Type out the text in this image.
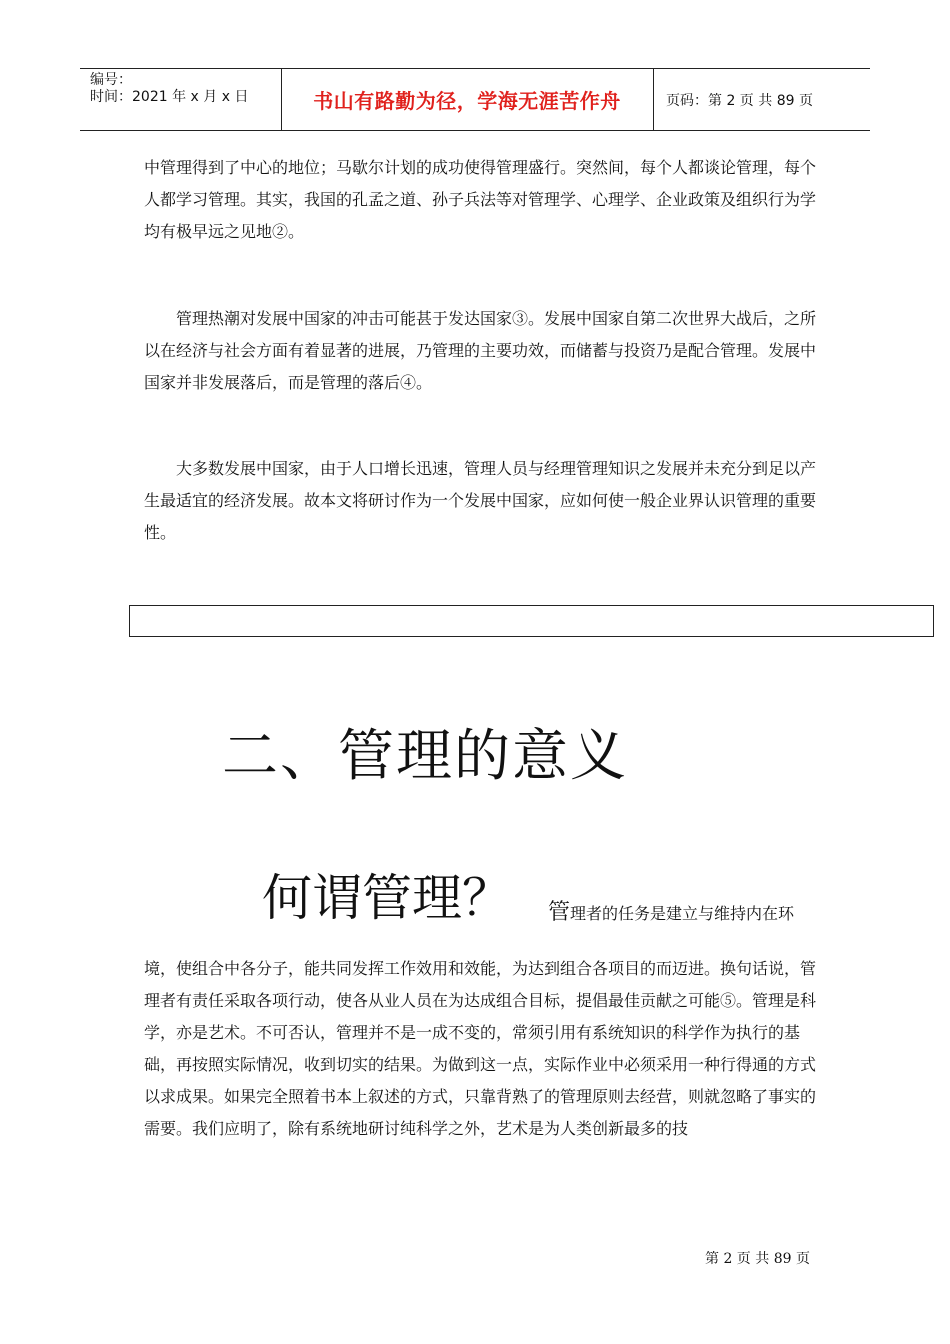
编号：
时间：2021 年 x 月 x 日	书山有路勤为径，学海无涯苦作舟	页码：第 2 页 共 89 页

中管理得到了中心的地位；马歇尔计划的成功使得管理盛行。突然间，每个人都谈论管理，每个人都学习管理。其实，我国的孔孟之道、孙子兵法等对管理学、心理学、企业政策及组织行为学均有极早远之见地②。

管理热潮对发展中国家的冲击可能甚于发达国家③。发展中国家自第二次世界大战后，之所以在经济与社会方面有着显著的进展，乃管理的主要功效，而储蓄与投资乃是配合管理。发展中国家并非发展落后，而是管理的落后④。

大多数发展中国家，由于人口增长迅速，管理人员与经理管理知识之发展并未充分到足以产生最适宜的经济发展。故本文将研讨作为一个发展中国家，应如何使一般企业界认识管理的重要性。

二、管理的意义
何谓管理？ 管理者的任务是建立与维持内在环

境，使组合中各分子，能共同发挥工作效用和效能，为达到组合各项目的而迈进。换句话说，管理者有责任采取各项行动，使各从业人员在为达成组合目标，提倡最佳贡献之可能⑤。管理是科学，亦是艺术。不可否认，管理并不是一成不变的，常须引用有系统知识的科学作为执行的基础，再按照实际情况，收到切实的结果。为做到这一点，实际作业中必须采用一种行得通的方式以求成果。如果完全照着书本上叙述的方式，只靠背熟了的管理原则去经营，则就忽略了事实的需要。我们应明了，除有系统地研讨纯科学之外，艺术是为人类创新最多的技

第 2 页 共 89 页
